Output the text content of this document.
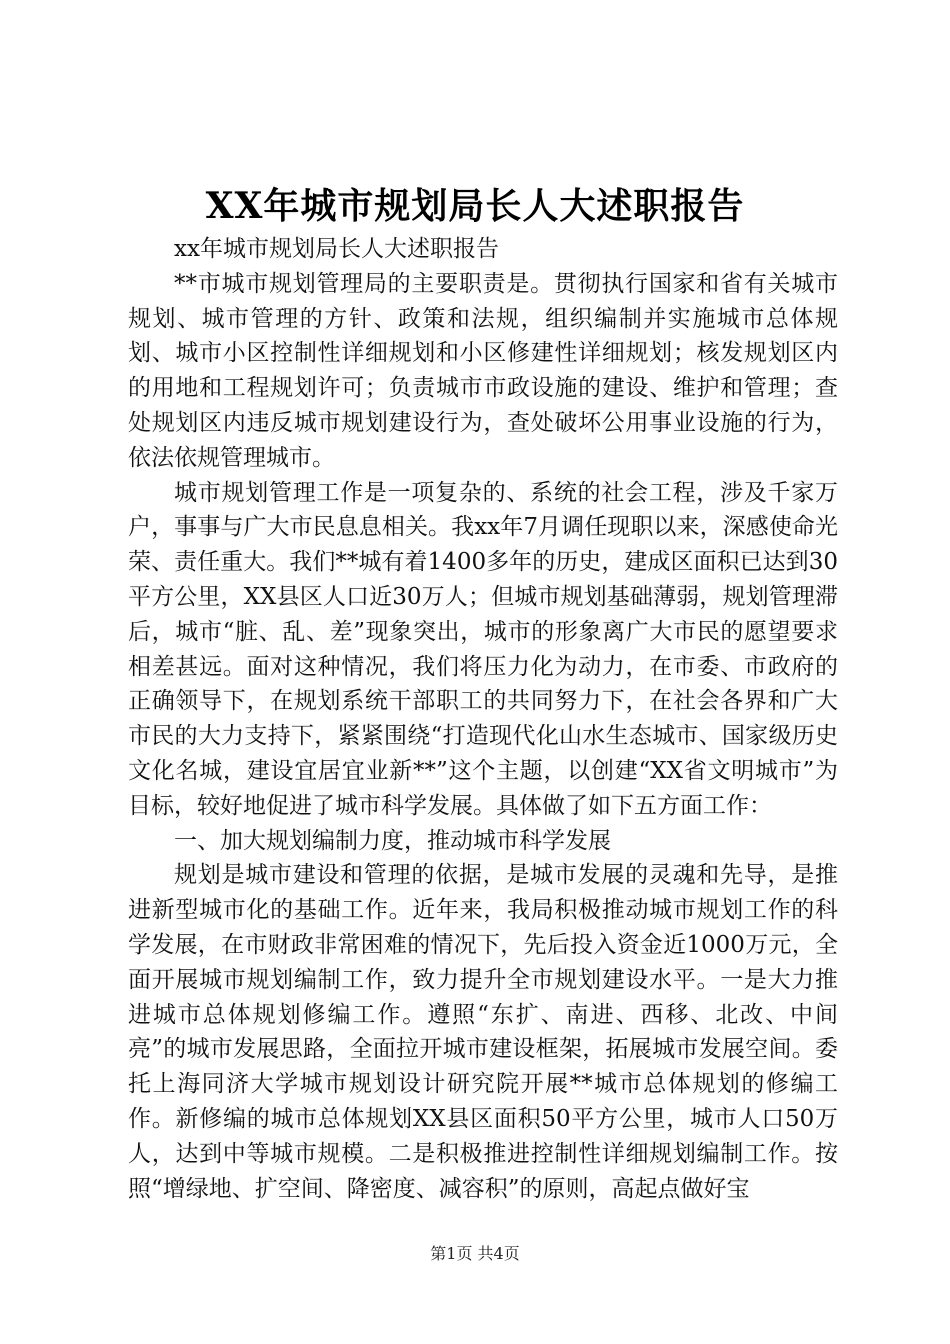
XX年城市规划局长人大述职报告

xx年城市规划局长人大述职报告

**市城市规划管理局的主要职责是。贯彻执行国家和省有关城市规划、城市管理的方针、政策和法规，组织编制并实施城市总体规划、城市小区控制性详细规划和小区修建性详细规划；核发规划区内的用地和工程规划许可；负责城市市政设施的建设、维护和管理；查处规划区内违反城市规划建设行为，查处破坏公用事业设施的行为，依法依规管理城市。

城市规划管理工作是一项复杂的、系统的社会工程，涉及千家万户，事事与广大市民息息相关。我xx年7月调任现职以来，深感使命光荣、责任重大。我们**城有着1400多年的历史，建成区面积已达到30平方公里，XX县区人口近30万人；但城市规划基础薄弱，规划管理滞后，城市“脏、乱、差”现象突出，城市的形象离广大市民的愿望要求相差甚远。面对这种情况，我们将压力化为动力，在市委、市政府的正确领导下，在规划系统干部职工的共同努力下，在社会各界和广大市民的大力支持下，紧紧围绕“打造现代化山水生态城市、国家级历史文化名城，建设宜居宜业新**”这个主题，以创建“XX省文明城市”为目标，较好地促进了城市科学发展。具体做了如下五方面工作：

一、加大规划编制力度，推动城市科学发展

规划是城市建设和管理的依据，是城市发展的灵魂和先导，是推进新型城市化的基础工作。近年来，我局积极推动城市规划工作的科学发展，在市财政非常困难的情况下，先后投入资金近1000万元，全面开展城市规划编制工作，致力提升全市规划建设水平。一是大力推进城市总体规划修编工作。遵照“东扩、南进、西移、北改、中间亮”的城市发展思路，全面拉开城市建设框架，拓展城市发展空间。委托上海同济大学城市规划设计研究院开展**城市总体规划的修编工作。新修编的城市总体规划XX县区面积50平方公里，城市人口50万人，达到中等城市规模。二是积极推进控制性详细规划编制工作。按照“增绿地、扩空间、降密度、减容积”的原则，高起点做好宝

第1页 共4页
